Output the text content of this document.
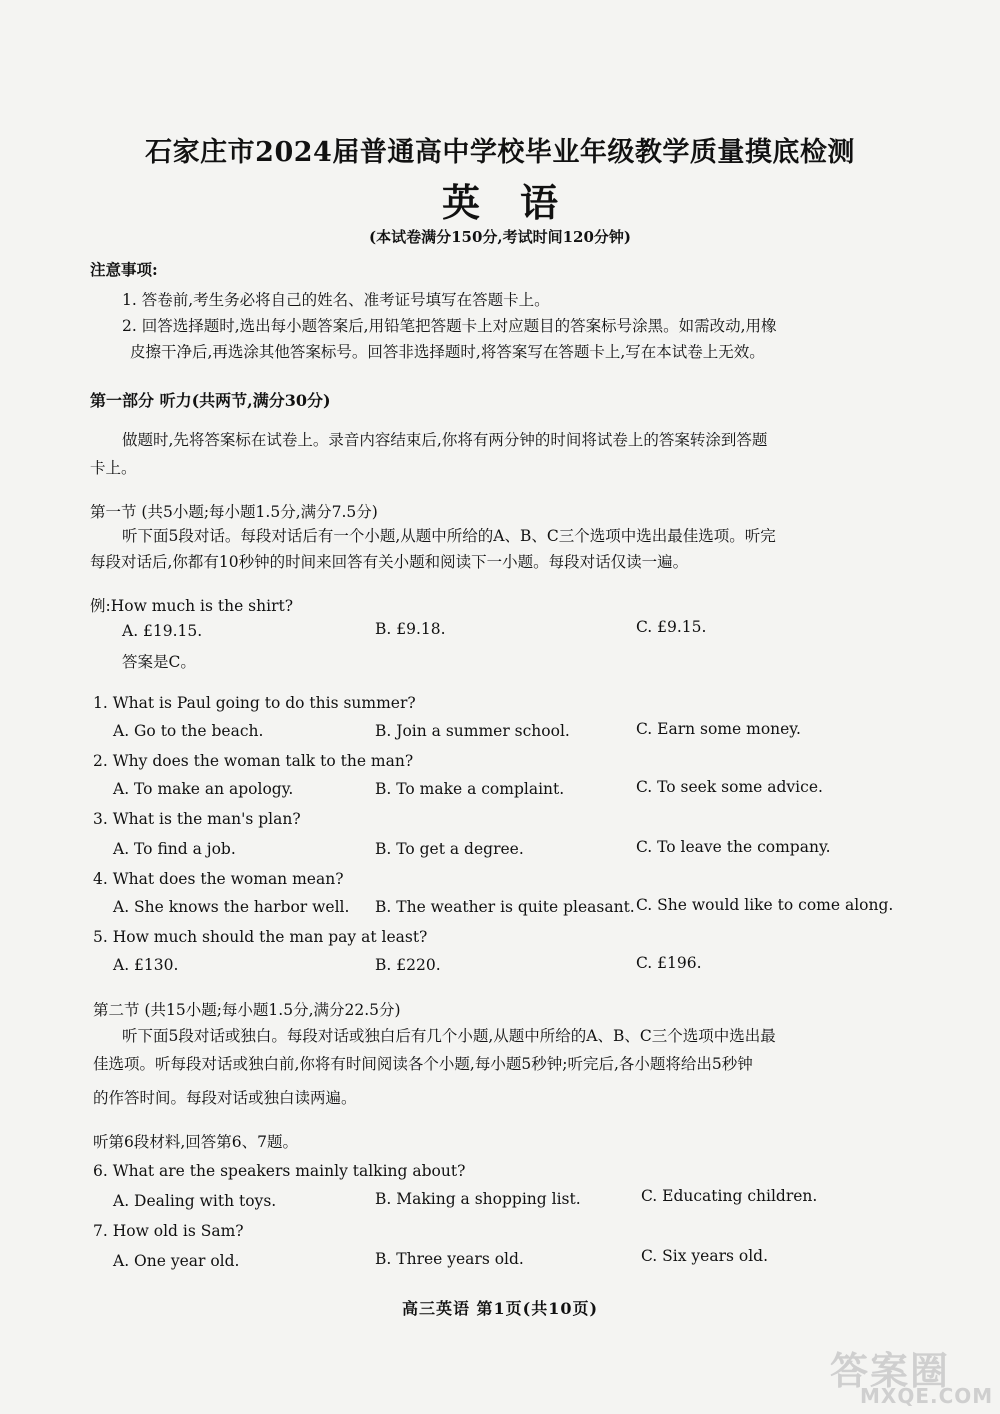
石家庄市2024届普通高中学校毕业年级教学质量摸底检测
英语
(本试卷满分150分,考试时间120分钟)
注意事项:
1. 答卷前,考生务必将自己的姓名、准考证号填写在答题卡上。
2. 回答选择题时,选出每小题答案后,用铅笔把答题卡上对应题目的答案标号涂黑。如需改动,用橡
皮擦干净后,再选涂其他答案标号。回答非选择题时,将答案写在答题卡上,写在本试卷上无效。
第一部分 听力(共两节,满分30分)
做题时,先将答案标在试卷上。录音内容结束后,你将有两分钟的时间将试卷上的答案转涂到答题
卡上。
第一节 (共5小题;每小题1.5分,满分7.5分)
听下面5段对话。每段对话后有一个小题,从题中所给的A、B、C三个选项中选出最佳选项。听完
每段对话后,你都有10秒钟的时间来回答有关小题和阅读下一小题。每段对话仅读一遍。
例:How much is the shirt?
A. £19.15.	B. £9.18.	C. £9.15.
答案是C。
1. What is Paul going to do this summer?
A. Go to the beach.	B. Join a summer school.	C. Earn some money.
2. Why does the woman talk to the man?
A. To make an apology.	B. To make a complaint.	C. To seek some advice.
3. What is the man's plan?
A. To find a job.	B. To get a degree.	C. To leave the company.
4. What does the woman mean?
A. She knows the harbor well. B. The weather is quite pleasant. C. She would like to come along.
5. How much should the man pay at least?
A. £130.	B. £220.	C. £196.
第二节 (共15小题;每小题1.5分,满分22.5分)
听下面5段对话或独白。每段对话或独白后有几个小题,从题中所给的A、B、C三个选项中选出最
佳选项。听每段对话或独白前,你将有时间阅读各个小题,每小题5秒钟;听完后,各小题将给出5秒钟
的作答时间。每段对话或独白读两遍。
听第6段材料,回答第6、7题。
6. What are the speakers mainly talking about?
A. Dealing with toys.	B. Making a shopping list.	C. Educating children.
7. How old is Sam?
A. One year old.	B. Three years old.	C. Six years old.
高三英语 第1页(共10页)
答案圈
MXQE.COM
